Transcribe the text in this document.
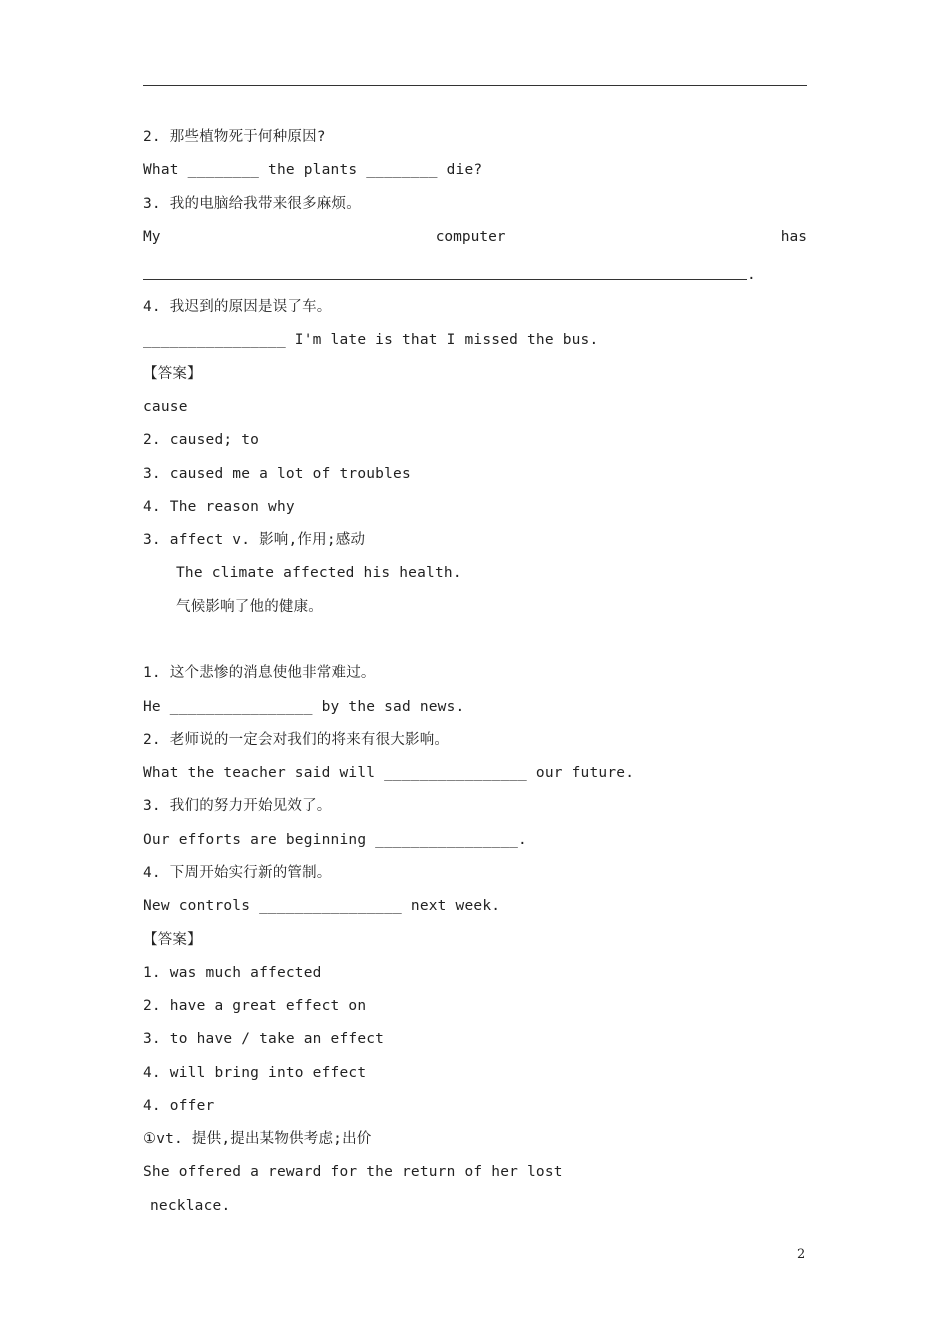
2. 那些植物死于何种原因?
What ________ the plants ________ die?
3. 我的电脑给我带来很多麻烦。
My	computer	has
.
4. 我迟到的原因是误了车。
________________ I'm late is that I missed the bus.
【答案】
cause
2. caused; to
3. caused me a lot of troubles
4. The reason why
3. affect v. 影响,作用;感动
The climate affected his health.
气候影响了他的健康。
1. 这个悲惨的消息使他非常难过。
He ________________ by the sad news.
2. 老师说的一定会对我们的将来有很大影响。
What the teacher said will ________________ our future.
3. 我们的努力开始见效了。
Our efforts are beginning ________________.
4. 下周开始实行新的管制。
New controls ________________ next week.
【答案】
1. was much affected
2. have a great effect on
3. to have / take an effect
4. will bring into effect
4. offer
①vt. 提供,提出某物供考虑;出价
She offered a reward for the return of her lost
necklace.
2
